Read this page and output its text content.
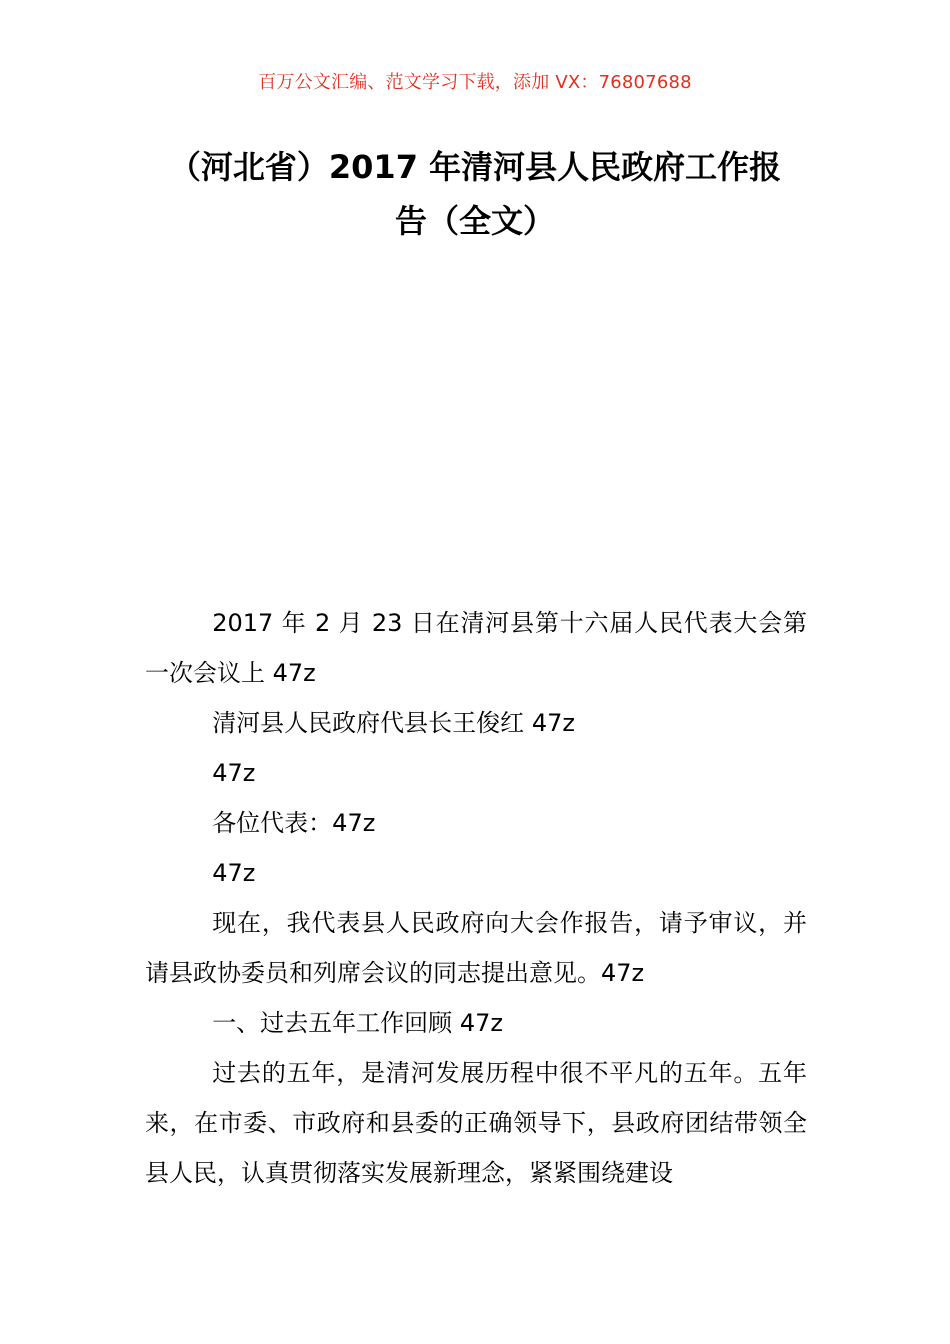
百万公文汇编、范文学习下载，添加 VX：76807688
（河北省）2017 年清河县人民政府工作报
告（全文）

2017 年 2 月 23 日在清河县第十六届人民代表大会第一次会议上 47z

清河县人民政府代县长王俊红 47z

47z

各位代表：47z

47z

现在，我代表县人民政府向大会作报告，请予审议，并请县政协委员和列席会议的同志提出意见。47z

一、过去五年工作回顾 47z

过去的五年，是清河发展历程中很不平凡的五年。五年来，在市委、市政府和县委的正确领导下，县政府团结带领全县人民，认真贯彻落实发展新理念，紧紧围绕建设
